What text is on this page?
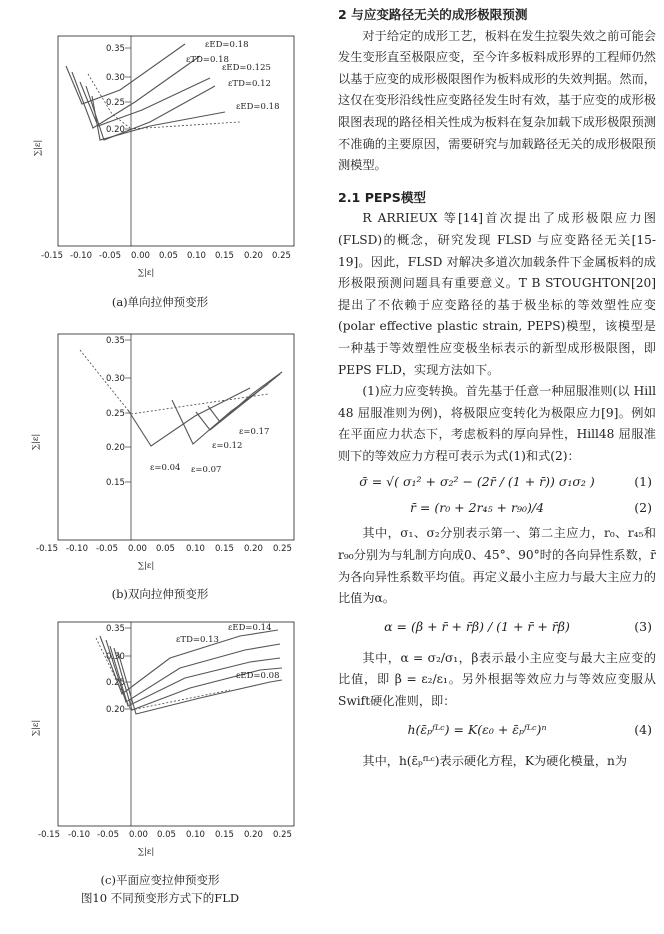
0.35
0.30
0.25
0.20
-0.15 -0.10 -0.05 0.00 0.05 0.10 0.15 0.20 0.25
εED=0.18
εTD=0.18
εED=0.125
εTD=0.12
εED=0.18
∑|ε|
∑|ε|
(a)单向拉伸预变形
0.35
0.30
0.25
0.20
0.15
-0.15 -0.10 -0.05 0.00 0.05 0.10 0.15 0.20 0.25
ε=0.04 ε=0.07
ε=0.12
ε=0.17
∑|ε|
∑|ε|
(b)双向拉伸预变形
0.35
0.30
0.25
0.20
-0.15 -0.10 -0.05 0.00 0.05 0.10 0.15 0.20 0.25
εED=0.14
εTD=0.13
εED=0.08
∑|ε|
∑|ε|
(c)平面应变拉伸预变形
图10 不同预变形方式下的FLD
2 与应变路径无关的成形极限预测

对于给定的成形工艺，板料在发生拉裂失效之前可能会发生变形直至极限应变，至今许多板料成形界的工程师仍然以基于应变的成形极限图作为板料成形的失效判据。然而，这仅在变形沿线性应变路径发生时有效，基于应变的成形极限图表现的路径相关性成为板料在复杂加载下成形极限预测不准确的主要原因，需要研究与加载路径无关的成形极限预测模型。

2.1 PEPS模型

R ARRIEUX 等[14]首次提出了成形极限应力图(FLSD)的概念，研究发现 FLSD 与应变路径无关[15-19]。因此，FLSD 对解决多道次加载条件下金属板料的成形极限预测问题具有重要意义。T B STOUGHTON[20]提出了不依赖于应变路径的基于极坐标的等效塑性应变(polar effective plastic strain, PEPS)模型，该模型是一种基于等效塑性应变极坐标表示的新型成形极限图，即 PEPS FLD，实现方法如下。

(1)应力应变转换。首先基于任意一种屈服准则(以 Hill 48 屈服准则为例)，将极限应变转化为极限应力[9]。例如在平面应力状态下，考虑板料的厚向异性，Hill48 屈服准则下的等效应力方程可表示为式(1)和式(2)：

σ̄ = √( σ₁² + σ₂² − (2r̄ / (1 + r̄)) σ₁σ₂ )	(1)
r̄ = (r₀ + 2r₄₅ + r₉₀)/4	(2)

其中，σ₁、σ₂分别表示第一、第二主应力，r₀、r₄₅和 r₉₀分别为与轧制方向成0、45°、90°时的各向异性系数，r̄为各向异性系数平均值。再定义最小主应力与最大主应力的比值为α。

α = (β + r̄ + r̄β) / (1 + r̄ + r̄β)	(3)

其中，α = σ₂/σ₁，β表示最小主应变与最大主应变的比值，即 β = ε₂/ε₁。另外根据等效应力与等效应变服从Swift硬化准则，即：

h(ε̄ₚᶠᴸᶜ) = K(ε₀ + ε̄ₚᶠᴸᶜ)ⁿ	(4)

其中，h(ε̄ₚᶠᴸᶜ)表示硬化方程，K为硬化模量，n为
